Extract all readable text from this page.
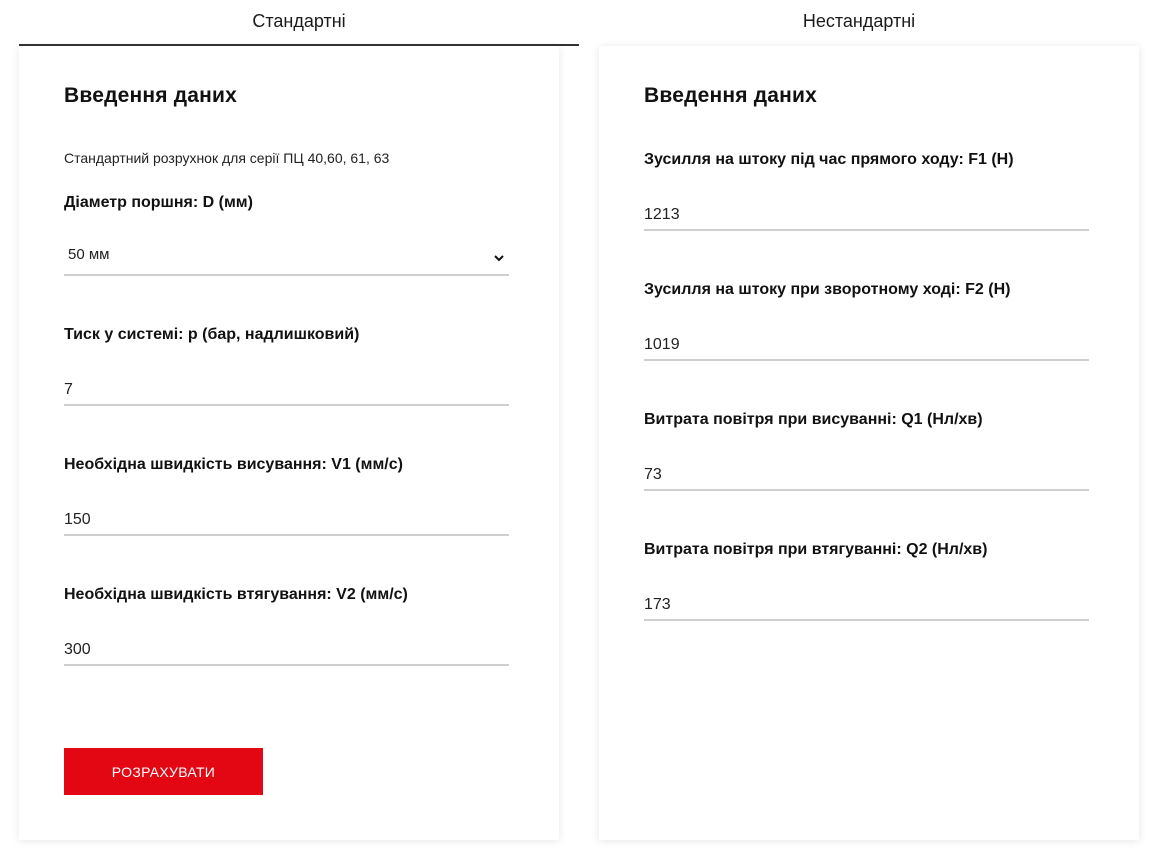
Стандартні	Нестандартні
Введення даних
Стандартний розрухнок для серії ПЦ 40,60, 61, 63
Діаметр поршня: D (мм)
50 мм
Тиск у системі: p (бар, надлишковий)
7
Необхідна швидкість висування: V1 (мм/с)
150
Необхідна швидкість втягування: V2 (мм/с)
300
РОЗРАХУВАТИ
Введення даних
Зусилля на штоку під час прямого ходу: F1 (Н)
1213
Зусилля на штоку при зворотному ході: F2 (Н)
1019
Витрата повітря при висуванні: Q1 (Нл/хв)
73
Витрата повітря при втягуванні: Q2 (Нл/хв)
173
